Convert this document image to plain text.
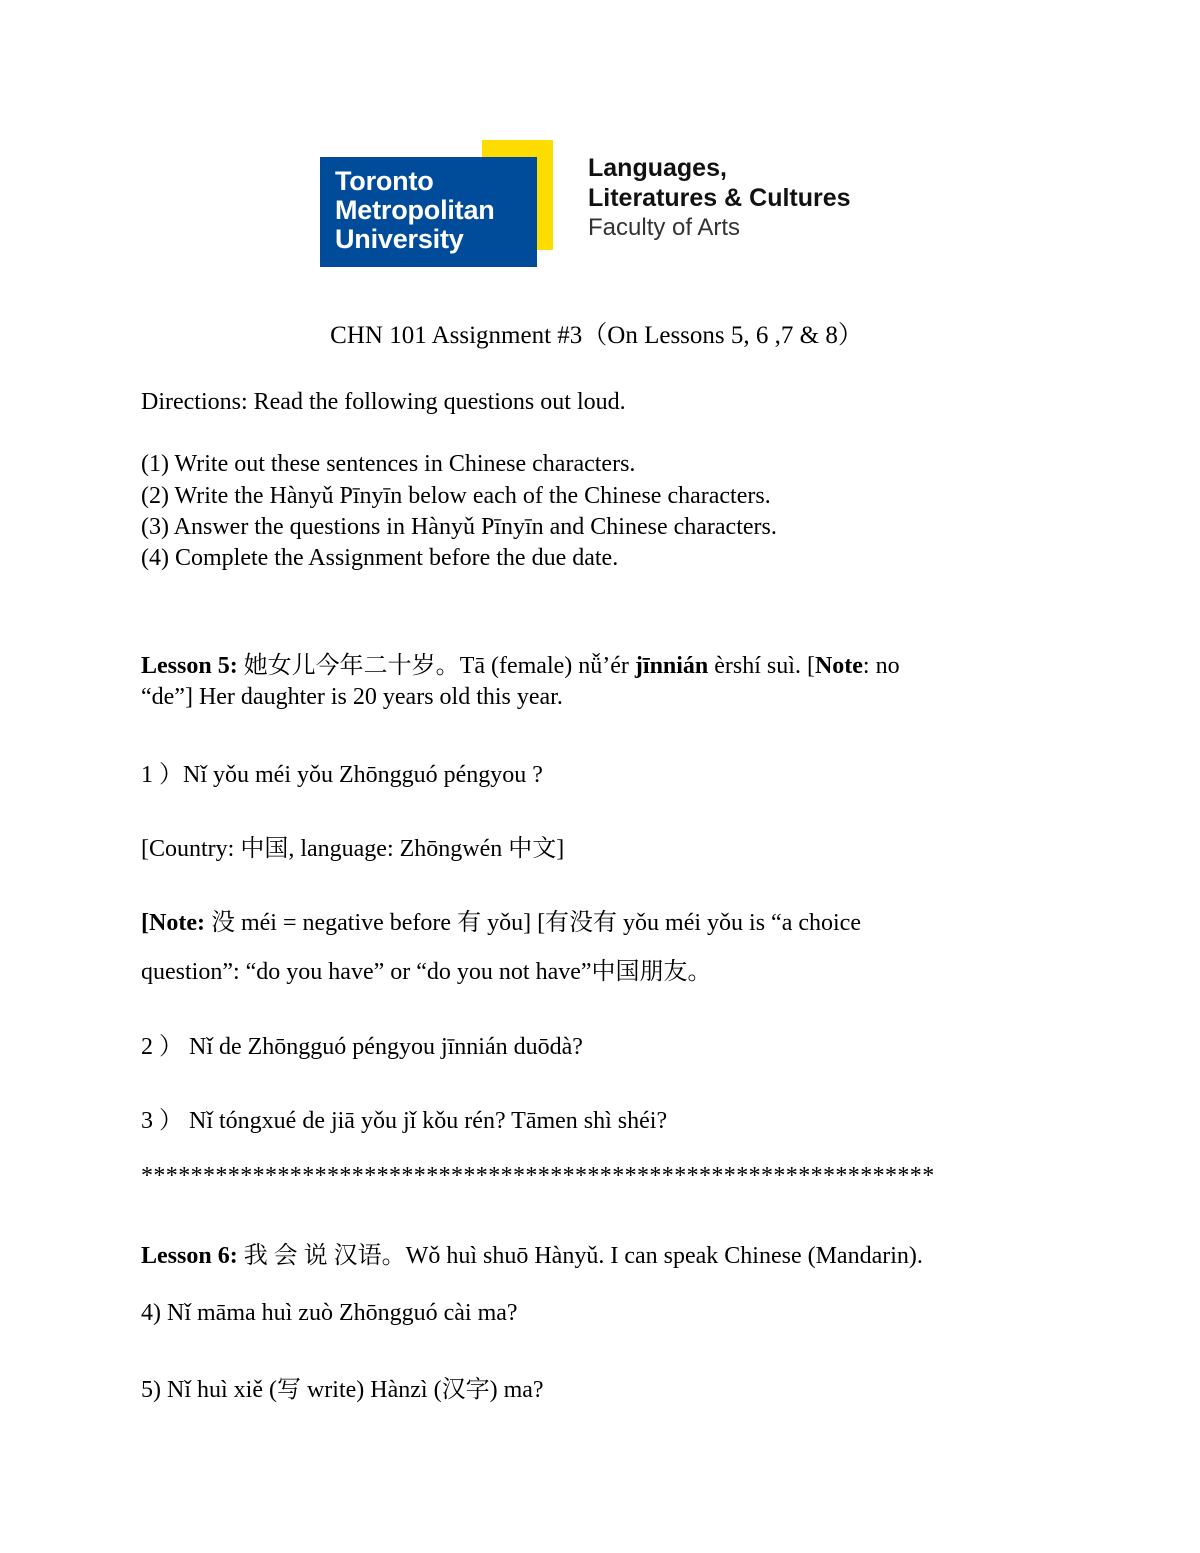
Toronto
Metropolitan
University
Languages,
Literatures & Cultures
Faculty of Arts
CHN 101 Assignment #3（On Lessons 5, 6 ,7 & 8）
Directions: Read the following questions out loud.
(1) Write out these sentences in Chinese characters.
(2) Write the Hànyǔ Pīnyīn below each of the Chinese characters.
(3) Answer the questions in Hànyǔ Pīnyīn and Chinese characters.
(4) Complete the Assignment before the due date.
Lesson 5: 她女儿今年二十岁。Tā (female) nǚ’ér jīnnián èrshí suì. [Note: no
“de”] Her daughter is 20 years old this year.
1 ）Nǐ yǒu méi yǒu Zhōngguó péngyou ?
[Country: 中国, language: Zhōngwén 中文]
[Note: 没 méi = negative before 有 yǒu] [有没有 yǒu méi yǒu is “a choice
question”: “do you have” or “do you not have”中国朋友。
2 ） Nǐ de Zhōngguó péngyou jīnnián duōdà?
3 ） Nǐ tóngxué de jiā yǒu jǐ kǒu rén? Tāmen shì shéi?
****************************************************************
Lesson 6: 我 会 说 汉语。Wǒ huì shuō Hànyǔ. I can speak Chinese (Mandarin).
4) Nǐ māma huì zuò Zhōngguó cài ma?
5) Nǐ huì xiě (写 write) Hànzì (汉字) ma?
